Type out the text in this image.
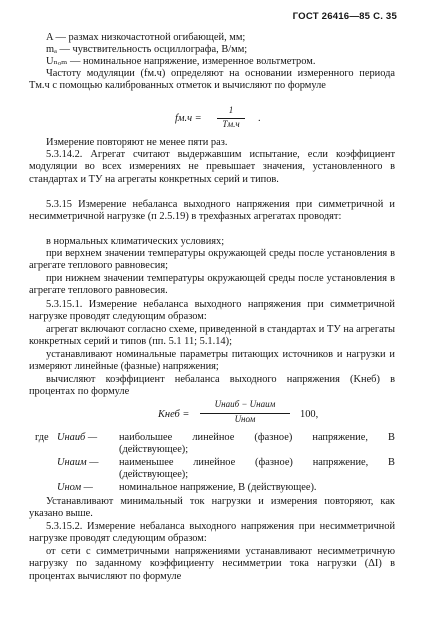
ГОСТ 26416—85 С. 35
A — размах низкочастотной огибающей, мм;
mₐ — чувствительность осциллографа, В/мм;
Uₙₒₘ — номинальное напряжение, измеренное вольтметром.
Частоту модуляции (fм.ч) определяют на основании измеренного периода Tм.ч с помощью калиброванных отметок и вычисляют по формуле
fм.ч =
1
Tм.ч	.
Измерение повторяют не менее пяти раз.
5.3.14.2. Агрегат считают выдержавшим испытание, если коэффициент модуляции во всех измерениях не превышает значения, установленного в стандартах и ТУ на агрегаты конкретных серий и типов.
5.3.15 Измерение небаланса выходного напряжения при симметричной и несимметричной нагрузке (п 2.5.19) в трехфазных агрегатах проводят:
в нормальных климатических условиях;
при верхнем значении температуры окружающей среды после установления в агрегате теплового равновесия;
при нижнем значении температуры окружающей среды после установления в агрегате теплового равновесия.
5.3.15.1. Измерение небаланса выходного напряжения при симметричной нагрузке проводят следующим образом:
агрегат включают согласно схеме, приведенной в стандартах и ТУ на агрегаты конкретных серий и типов (пп. 5.1 11; 5.1.14);
устанавливают номинальные параметры питающих источников и нагрузки и измеряют линейные (фазные) напряжения;
вычисляют коэффициент небаланса выходного напряжения (Kнеб) в процентах по формуле
Kнеб =
Uнаиб − Uнаим
Uном	100,
где Uнаиб — наибольшее линейное (фазное) напряжение, В (действующее);
Uнаим — наименьшее линейное (фазное) напряжение, В (действующее);
Uном —	номинальное напряжение, В (действующее).
Устанавливают минимальный ток нагрузки и измерения повторяют, как указано выше.
5.3.15.2. Измерение небаланса выходного напряжения при несимметричной нагрузке проводят следующим образом:
от сети с симметричными напряжениями устанавливают несимметричную нагрузку по заданному коэффициенту несимметрии тока нагрузки (ΔI) в процентах вычисляют по формуле
